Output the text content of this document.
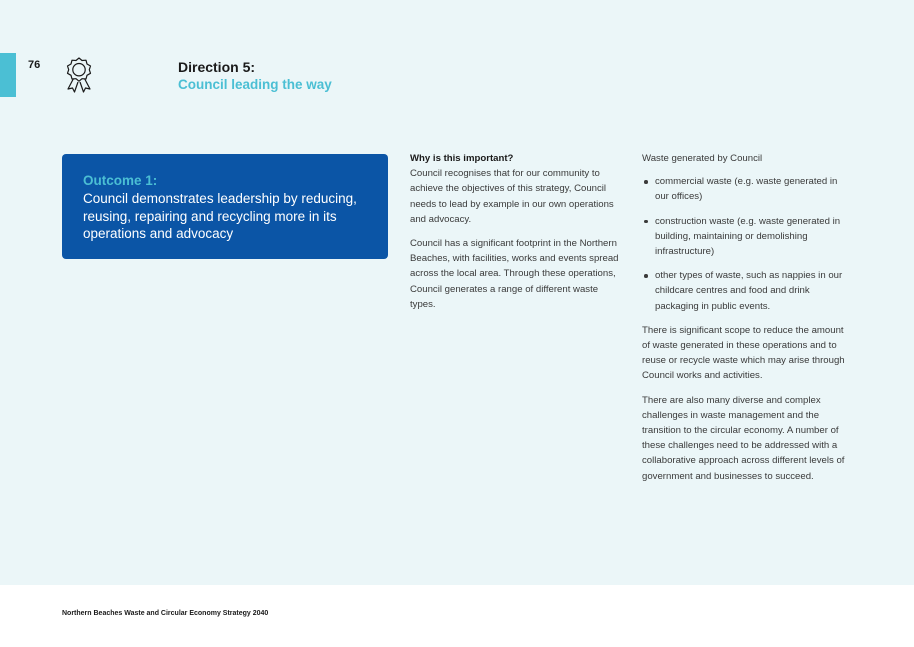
76	Direction 5:
Council leading the way
Outcome 1:
Council demonstrates leadership by reducing, reusing, repairing and recycling more in its operations and advocacy

Why is this important?

Council recognises that for our community to achieve the objectives of this strategy, Council needs to lead by example in our own operations and advocacy.

Council has a significant footprint in the Northern Beaches, with facilities, works and events spread across the local area. Through these operations, Council generates a range of different waste types.

Waste generated by Council

commercial waste (e.g. waste generated in our offices)
construction waste (e.g. waste generated in building, maintaining or demolishing infrastructure)
other types of waste, such as nappies in our childcare centres and food and drink packaging in public events.

There is significant scope to reduce the amount of waste generated in these operations and to reuse or recycle waste which may arise through Council works and activities.

There are also many diverse and complex challenges in waste management and the transition to the circular economy. A number of these challenges need to be addressed with a collaborative approach across different levels of government and businesses to succeed.

Northern Beaches Waste and Circular Economy Strategy 2040
